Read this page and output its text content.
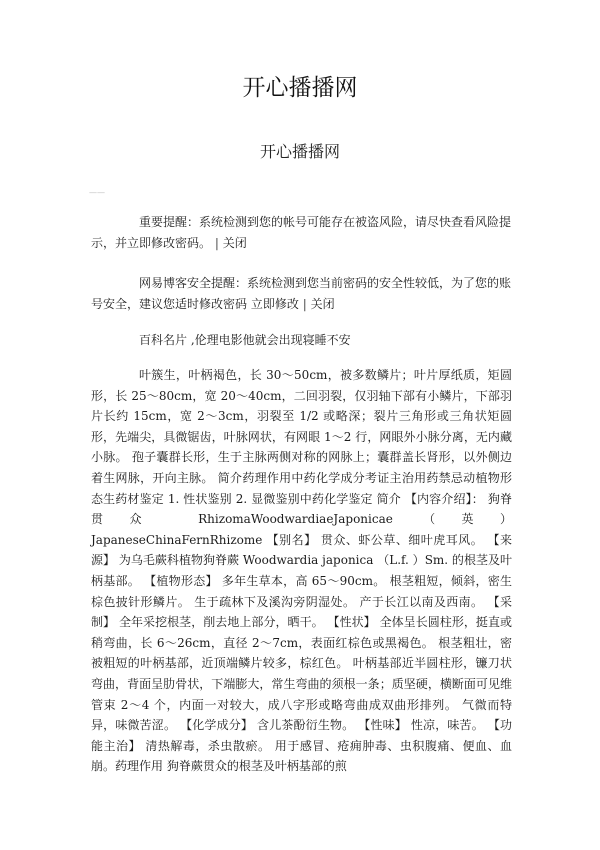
开心播播网
开心播播网
——
重要提醒：系统检测到您的帐号可能存在被盗风险，请尽快查看风险提示，并立即修改密码。 | 关闭
网易博客安全提醒：系统检测到您当前密码的安全性较低，为了您的账号安全，建议您适时修改密码 立即修改 | 关闭
百科名片 ,伦理电影他就会出现寝睡不安
叶簇生，叶柄褐色，长 30～50cm，被多数鳞片；叶片厚纸质，矩圆形，长 25～80cm，宽 20～40cm，二回羽裂，仅羽轴下部有小鳞片，下部羽片长约 15cm，宽 2～3cm，羽裂至 1/2 或略深；裂片三角形或三角状矩圆形，先端尖，具微锯齿，叶脉网状，有网眼 1～2 行，网眼外小脉分离，无内藏小脉。 孢子囊群长形，生于主脉两侧对称的网脉上；囊群盖长肾形，以外侧边着生网脉，开向主脉。 简介药理作用中药化学成分考证主治用药禁忌动植物形态生药材鉴定 1. 性状鉴别 2. 显微鉴别中药化学鉴定 简介 【内容介绍】： 狗脊贯众 RhizomaWoodwardiaeJaponicae （英） JapaneseChinaFernRhizome 【别名】 贯众、虾公草、细叶虎耳风。 【来源】 为乌毛蕨科植物狗脊蕨 Woodwardia japonica （L.f. ）Sm. 的根茎及叶柄基部。 【植物形态】 多年生草本，高 65～90cm。 根茎粗短，倾斜，密生棕色披针形鳞片。 生于疏林下及溪沟旁阴湿处。 产于长江以南及西南。 【采制】 全年采挖根茎，削去地上部分，晒干。 【性状】 全体呈长圆柱形，挺直或稍弯曲，长 6～26cm，直径 2～7cm，表面红棕色或黑褐色。 根茎粗壮，密被粗短的叶柄基部，近顶端鳞片较多，棕红色。 叶柄基部近半圆柱形，镰刀状弯曲，背面呈肋骨状，下端膨大，常生弯曲的须根一条；质坚硬，横断面可见维管束 2～4 个，内面一对较大，成八字形或略弯曲成双曲形排列。 气微而特异，味微苦涩。 【化学成分】 含儿茶酚衍生物。 【性味】 性凉，味苦。 【功能主治】 清热解毒，杀虫散瘀。 用于感冒、疮痈肿毒、虫积腹痛、便血、血崩。药理作用 狗脊蕨贯众的根茎及叶柄基部的煎
